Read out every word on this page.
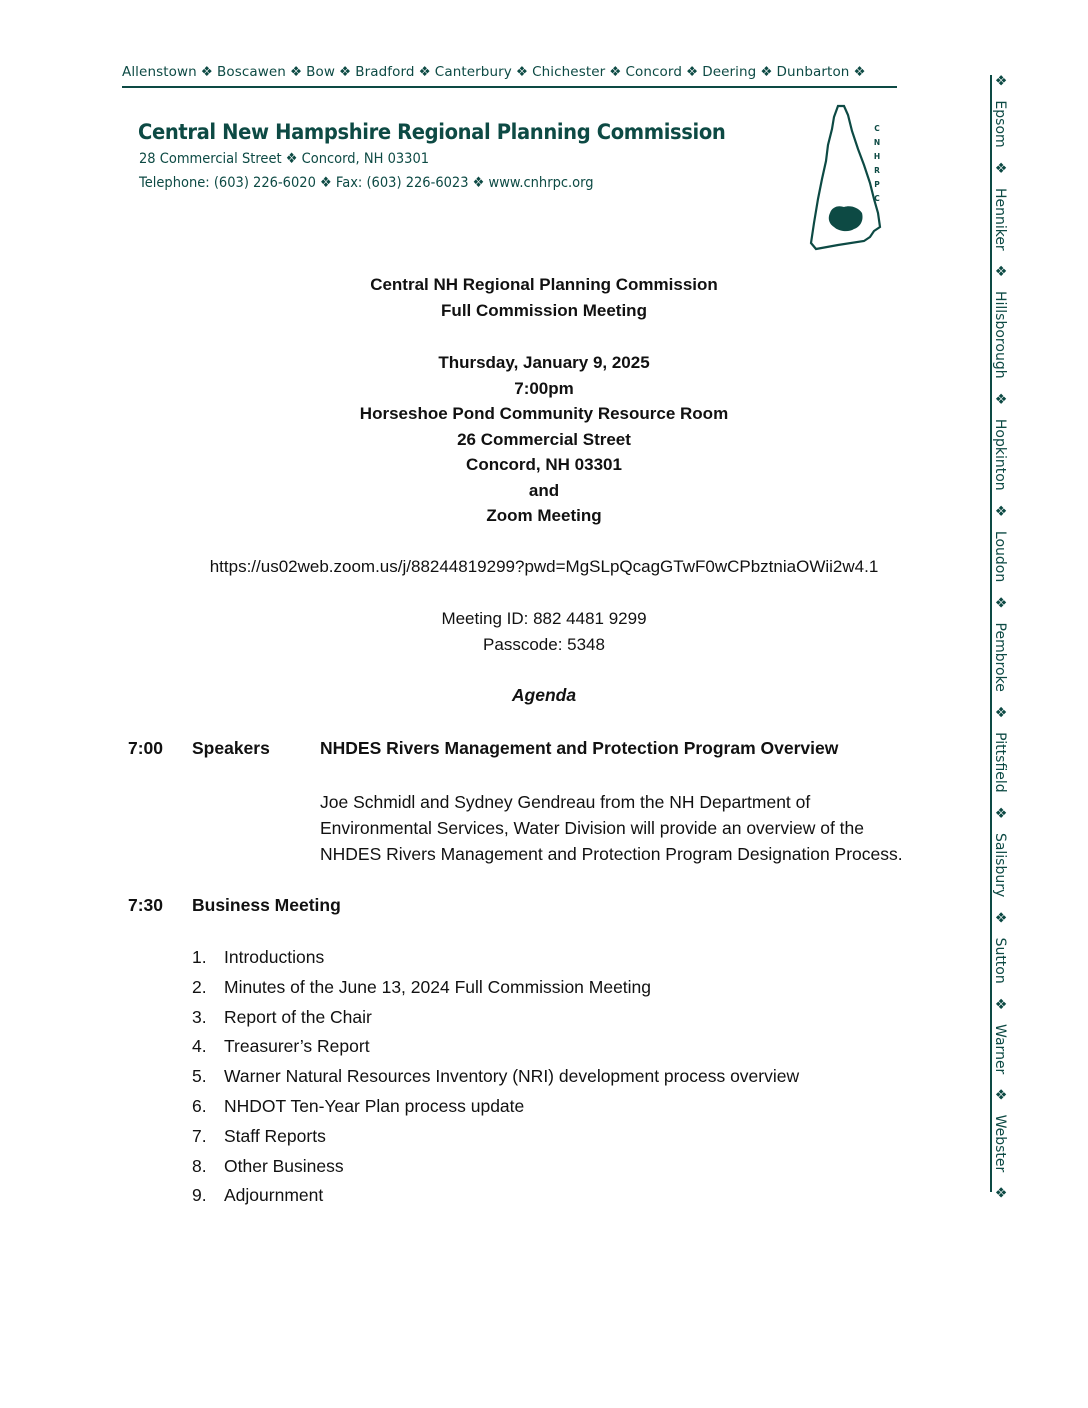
Allenstown ❖ Boscawen ❖ Bow ❖ Bradford ❖ Canterbury ❖ Chichester ❖ Concord ❖ Deering ❖ Dunbarton ❖
Central New Hampshire Regional Planning Commission
28 Commercial Street ❖ Concord, NH 03301
Telephone: (603) 226-6020 ❖ Fax: (603) 226-6023 ❖ www.cnhrpc.org
C
N
H
R
P
C
❖
Epsom
❖
Henniker
❖
Hillsborough
❖
Hopkinton
❖
Loudon
❖
Pembroke
❖
Pittsfield
❖
Salisbury
❖
Sutton
❖
Warner
❖
Webster
❖
Central NH Regional Planning Commission
Full Commission Meeting
Thursday, January 9, 2025
7:00pm
Horseshoe Pond Community Resource Room
26 Commercial Street
Concord, NH 03301
and
Zoom Meeting
https://us02web.zoom.us/j/88244819299?pwd=MgSLpQcagGTwF0wCPbztniaOWii2w4.1
Meeting ID: 882 4481 9299
Passcode: 5348
Agenda
7:00 Speakers	NHDES Rivers Management and Protection Program Overview
Joe Schmidl and Sydney Gendreau from the NH Department of
Environmental Services, Water Division will provide an overview of the
NHDES Rivers Management and Protection Program Designation Process.
7:30 Business Meeting
1. Introductions
2. Minutes of the June 13, 2024 Full Commission Meeting
3. Report of the Chair
4. Treasurer’s Report
5. Warner Natural Resources Inventory (NRI) development process overview
6. NHDOT Ten-Year Plan process update
7. Staff Reports
8. Other Business
9. Adjournment
